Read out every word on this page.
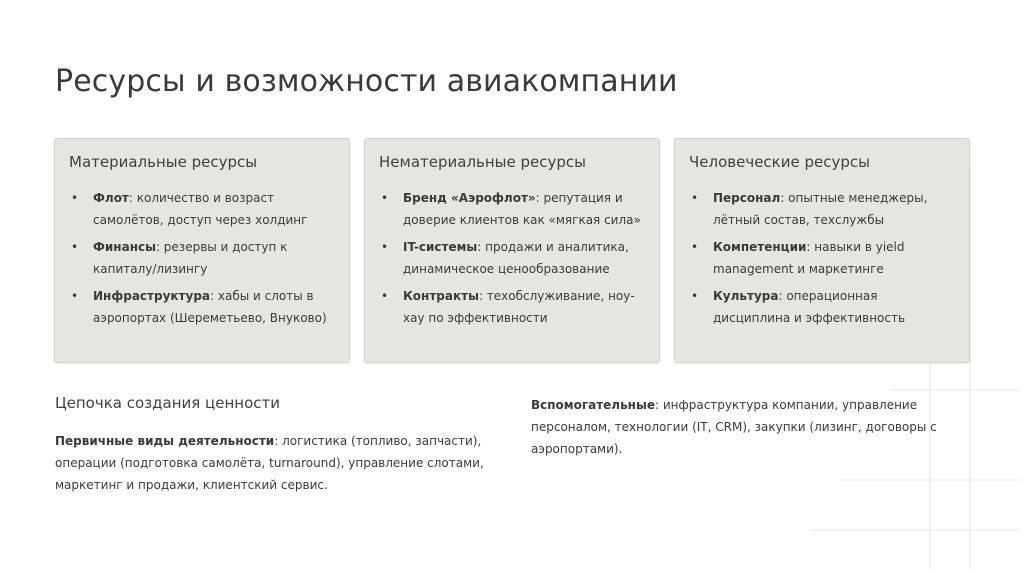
Ресурсы и возможности авиакомпании
Материальные ресурсы
• Флот: количество и возраст самолётов, доступ через холдинг
• Финансы: резервы и доступ к капиталу/лизингу
• Инфраструктура: хабы и слоты в аэропортах (Шереметьево, Внуково)
Нематериальные ресурсы
• Бренд «Аэрофлот»: репутация и доверие клиентов как «мягкая сила»
• IT-системы: продажи и аналитика, динамическое ценообразование
• Контракты: техобслуживание, ноу-хау по эффективности
Человеческие ресурсы
• Персонал: опытные менеджеры, лётный состав, техслужбы
• Компетенции: навыки в yield management и маркетинге
• Культура: операционная дисциплина и эффективность
Цепочка создания ценности

Первичные виды деятельности: логистика (топливо, запчасти), операции (подготовка самолёта, turnaround), управление слотами, маркетинг и продажи, клиентский сервис.

Вспомогательные: инфраструктура компании, управление персоналом, технологии (IT, CRM), закупки (лизинг, договоры с аэропортами).
